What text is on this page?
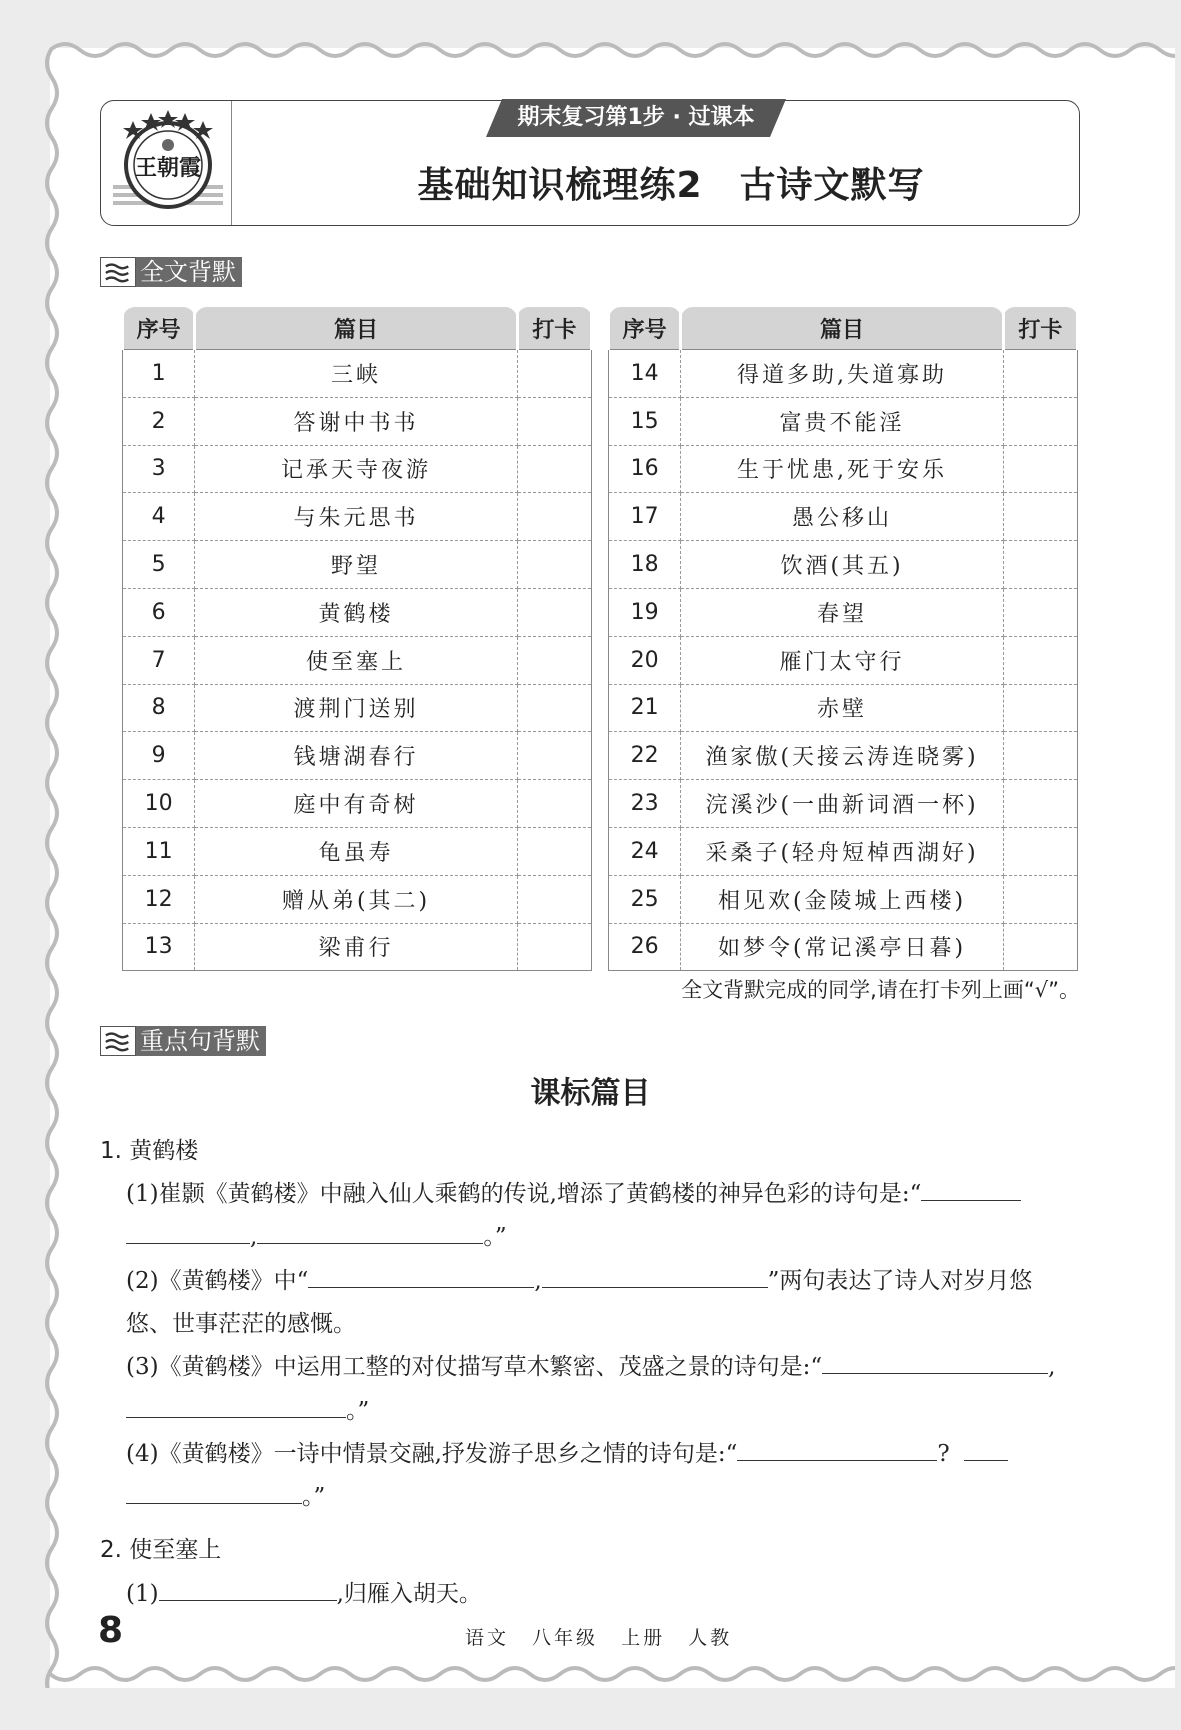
王朝霞
期末复习第1步 · 过课本
基础知识梳理练2　古诗文默写
全文背默
序号	篇目	打卡
1	三峡	
2	答谢中书书	
3	记承天寺夜游	
4	与朱元思书	
5	野望	
6	黄鹤楼	
7	使至塞上	
8	渡荆门送别	
9	钱塘湖春行	
10	庭中有奇树	
11	龟虽寿	
12	赠从弟(其二)	
13	梁甫行	
序号	篇目	打卡
14	得道多助,失道寡助	
15	富贵不能淫	
16	生于忧患,死于安乐	
17	愚公移山	
18	饮酒(其五)	
19	春望	
20	雁门太守行	
21	赤壁	
22	渔家傲(天接云涛连晓雾)	
23	浣溪沙(一曲新词酒一杯)	
24	采桑子(轻舟短棹西湖好)	
25	相见欢(金陵城上西楼)	
26	如梦令(常记溪亭日暮)	
全文背默完成的同学,请在打卡列上画“√”。
重点句背默
课标篇目
1. 黄鹤楼
(1)崔颢《黄鹤楼》中融入仙人乘鹤的传说,增添了黄鹤楼的神异色彩的诗句是:“
,	。”
(2)《黄鹤楼》中“	,	”两句表达了诗人对岁月悠
悠、世事茫茫的感慨。
(3)《黄鹤楼》中运用工整的对仗描写草木繁密、茂盛之景的诗句是:“	,
。”
(4)《黄鹤楼》一诗中情景交融,抒发游子思乡之情的诗句是:“	?
。”
2. 使至塞上
(1)	,归雁入胡天。
8	语文 八年级 上册 人教
